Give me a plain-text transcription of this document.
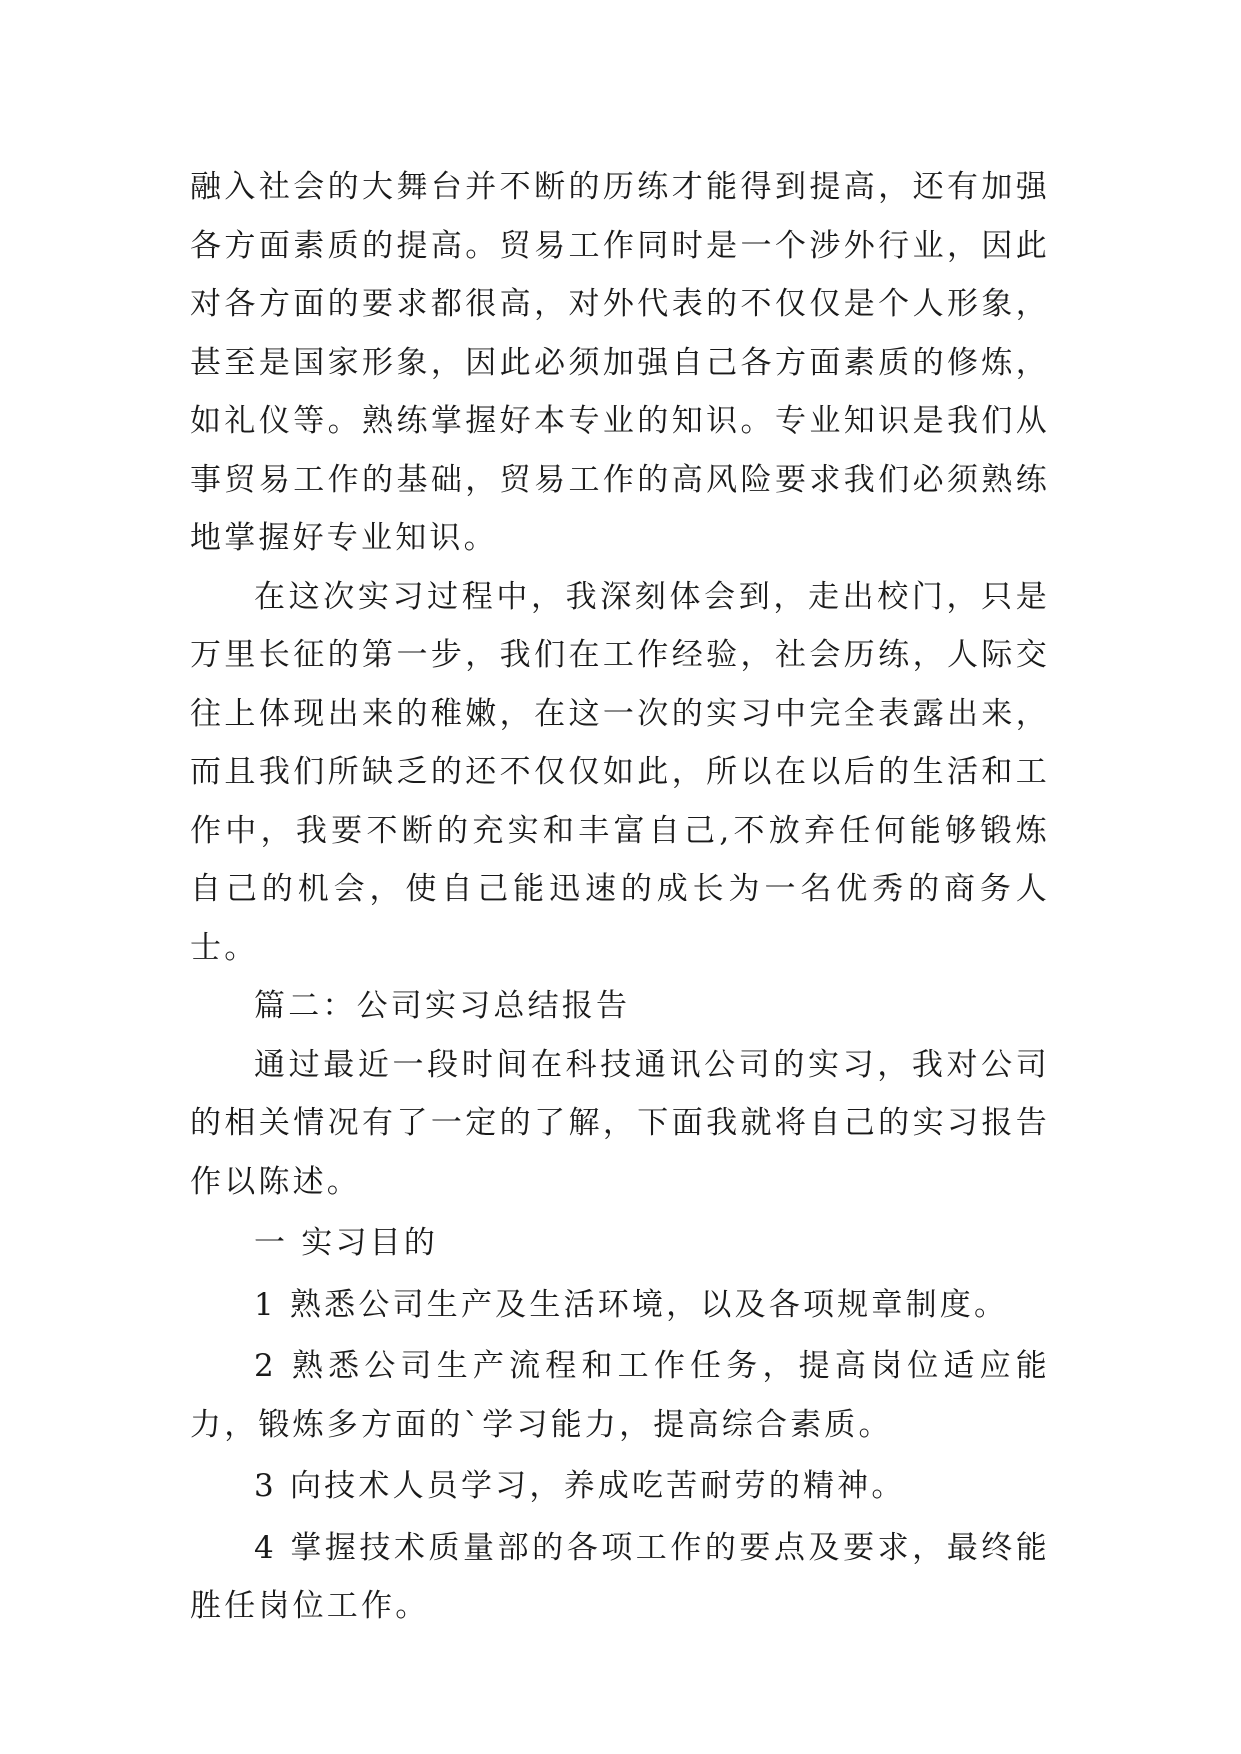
融入社会的大舞台并不断的历练才能得到提高，还有加强各方面素质的提高。贸易工作同时是一个涉外行业，因此对各方面的要求都很高，对外代表的不仅仅是个人形象，甚至是国家形象，因此必须加强自己各方面素质的修炼，如礼仪等。熟练掌握好本专业的知识。专业知识是我们从事贸易工作的基础，贸易工作的高风险要求我们必须熟练地掌握好专业知识。

在这次实习过程中，我深刻体会到，走出校门，只是万里长征的第一步，我们在工作经验，社会历练，人际交往上体现出来的稚嫩，在这一次的实习中完全表露出来，而且我们所缺乏的还不仅仅如此，所以在以后的生活和工作中，我要不断的充实和丰富自己,不放弃任何能够锻炼自己的机会，使自己能迅速的成长为一名优秀的商务人士。

篇二：公司实习总结报告

通过最近一段时间在科技通讯公司的实习，我对公司的相关情况有了一定的了解，下面我就将自己的实习报告作以陈述。

一 实习目的

1 熟悉公司生产及生活环境，以及各项规章制度。

2 熟悉公司生产流程和工作任务，提高岗位适应能力，锻炼多方面的`学习能力，提高综合素质。

3 向技术人员学习，养成吃苦耐劳的精神。

4 掌握技术质量部的各项工作的要点及要求，最终能胜任岗位工作。
